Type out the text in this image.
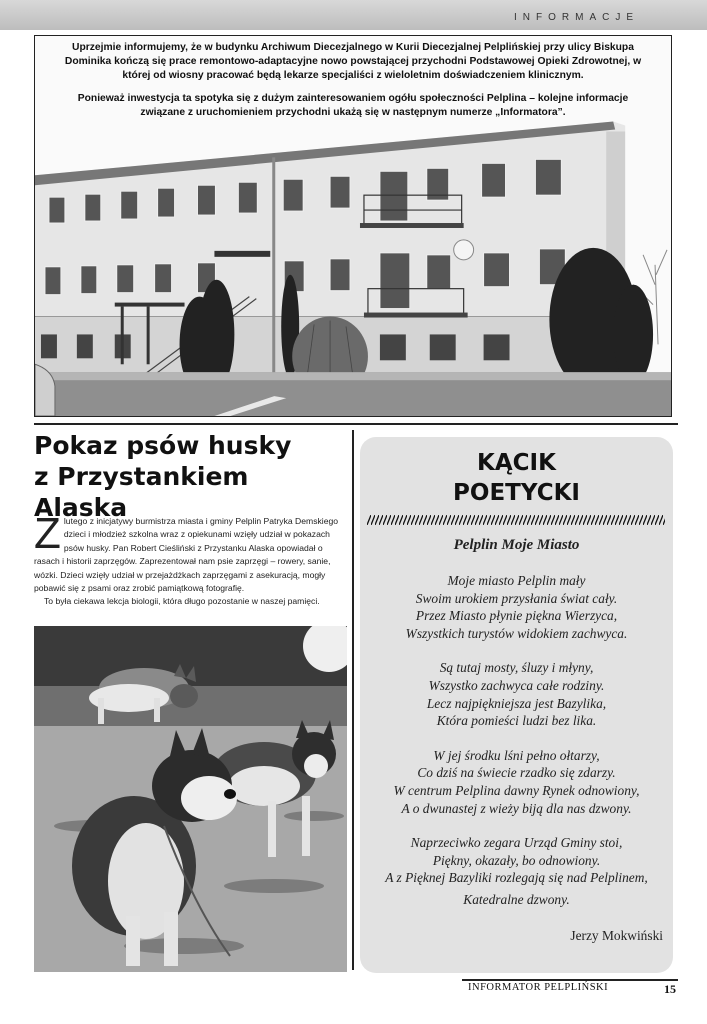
INFORMACJE

Uprzejmie informujemy, że w budynku Archiwum Diecezjalnego w Kurii Diecezjalnej Pelplińskiej przy ulicy Biskupa Dominika kończą się prace remontowo-adaptacyjne nowo powstającej przychodni Podstawowej Opieki Zdrowotnej, w której od wiosny pracować będą lekarze specjaliści z wieloletnim doświadczeniem klinicznym.

Ponieważ inwestycja ta spotyka się z dużym zainteresowaniem ogółu społeczności Pelplina – kolejne informacje związane z uruchomieniem przychodni ukażą się w następnym numerze „Informatora”.

Pokaz psów husky
z Przystankiem Alaska
Z lutego z inicjatywy burmistrza miasta i gminy Pelplin Patryka Demskiego dzieci i młodzież szkolna wraz z opiekunami wzięły udział w pokazach psów husky. Pan Robert Cieśliński z Przystanku Alaska opowiadał o rasach i historii zaprzęgów. Zaprezentował nam psie zaprzęgi – rowery, sanie, wózki. Dzieci wzięły udział w przejażdżkach zaprzęgami z asekuracją, mogły pobawić się z psami oraz zrobić pamiątkową fotografię.

To była ciekawa lekcja biologii, która długo pozostanie w naszej pamięci.

KĄCIK
POETYCKI
Pelplin Moje Miasto
Moje miasto Pelplin mały
Swoim urokiem przysłania świat cały.
Przez Miasto płynie piękna Wierzyca,
Wszystkich turystów widokiem zachwyca.
Są tutaj mosty, śluzy i młyny,
Wszystko zachwyca całe rodziny.
Lecz najpiękniejsza jest Bazylika,
Która pomieści ludzi bez lika.
W jej środku lśni pełno ołtarzy,
Co dziś na świecie rzadko się zdarzy.
W centrum Pelplina dawny Rynek odnowiony,
A o dwunastej z wieży biją dla nas dzwony.
Naprzeciwko zegara Urząd Gminy stoi,
Piękny, okazały, bo odnowiony.
A z Pięknej Bazyliki rozlegają się nad Pelplinem,
Katedralne dzwony.
Jerzy Mokwiński
INFORMATOR PELPLIŃSKI	15
